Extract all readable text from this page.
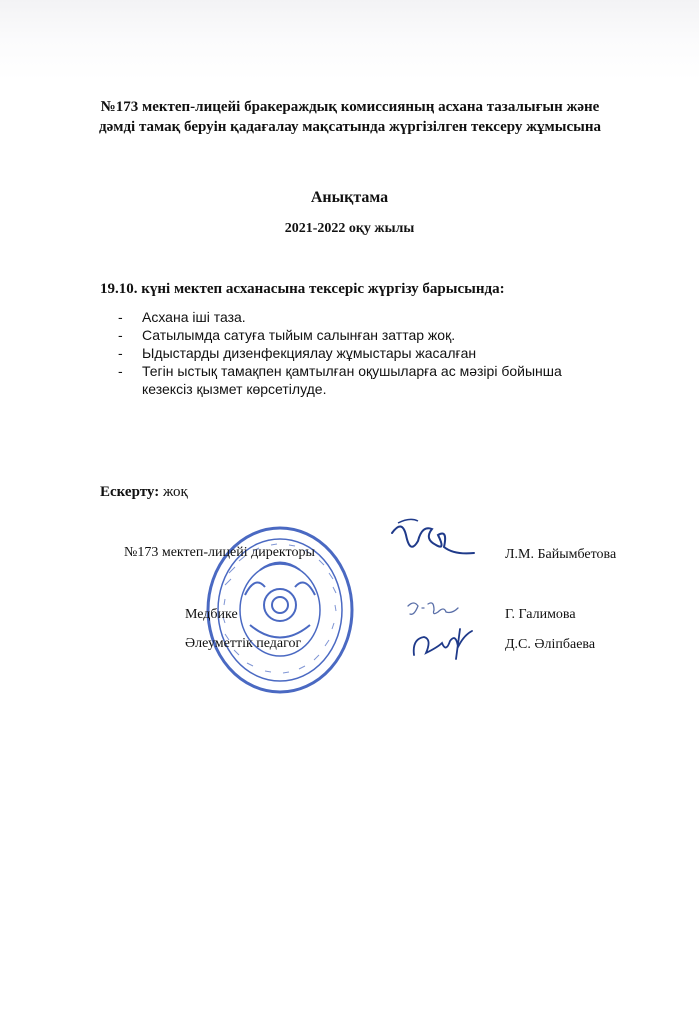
№173 мектеп-лицейі бракераждық комиссияның асхана тазалығын және
дәмді тамақ беруін қадағалау мақсатында жүргізілген тексеру жұмысына
Анықтама
2021-2022 оқу жылы
19.10. күні мектеп асханасына тексеріс жүргізу барысында:
- Асхана іші таза.
- Сатылымда сатуға тыйым салынған заттар жоқ.
- Ыдыстарды дизенфекциялау жұмыстары жасалған
- Тегін ыстық тамақпен қамтылған оқушыларға ас мәзірі бойынша кезексіз қызмет көрсетілуде.
Ескерту: жоқ
№173 мектеп-лицейі директоры	Л.М. Байымбетова
Медбике	Г. Галимова
Әлеуметтік педагог	Д.С. Әліпбаева
